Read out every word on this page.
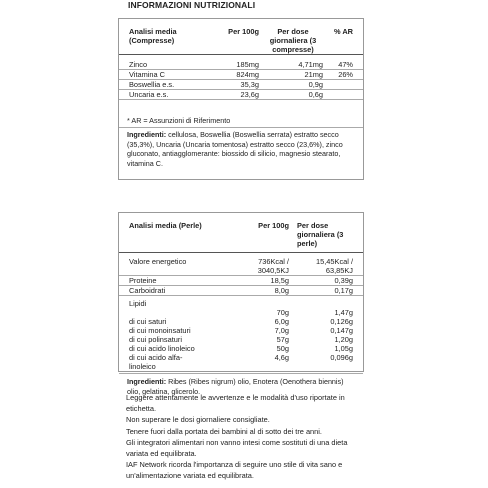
INFORMAZIONI NUTRIZIONALI
Analisi media (Compresse)	Per 100g	Per dose giornaliera (3 compresse)	% AR

Zinco	185mg	4,71mg	47%
Vitamina C	824mg	21mg	26%
Boswellia e.s.	35,3g	0,9g	
Uncaria e.s.	23,6g	0,6g	
* AR = Assunzioni di Riferimento
Ingredienti: cellulosa, Boswellia (Boswellia serrata) estratto secco (35,3%), Uncaria (Uncaria tomentosa) estratto secco (23,6%), zinco gluconato, antiagglomerante: biossido di silicio, magnesio stearato, vitamina C.
Analisi media (Perle)	Per 100g	Per dose giornaliera (3 perle)

Valore energetico	736Kcal / 3040,5KJ	15,45Kcal / 63,85KJ
Proteine	18,5g	0,39g
Carboidrati	8,0g	0,17g
Lipidi	70g	1,47g
di cui saturi	6,0g	0,126g
di cui monoinsaturi	7,0g	0,147g
di cui polinsaturi	57g	1,20g
di cui acido linoleico	50g	1,05g
di cui acido alfa-linoleico	4,6g	0,096g
Ingredienti: Ribes (Ribes nigrum) olio, Enotera (Oenothera biennis) olio, gelatina, glicerolo.
Leggere attentamente le avvertenze e le modalità d'uso riportate in
etichetta.
Non superare le dosi giornaliere consigliate.
Tenere fuori dalla portata dei bambini al di sotto dei tre anni.
Gli integratori alimentari non vanno intesi come sostituti di una dieta
variata ed equilibrata.
IAF Network ricorda l'importanza di seguire uno stile di vita sano e
un'alimentazione variata ed equilibrata.
